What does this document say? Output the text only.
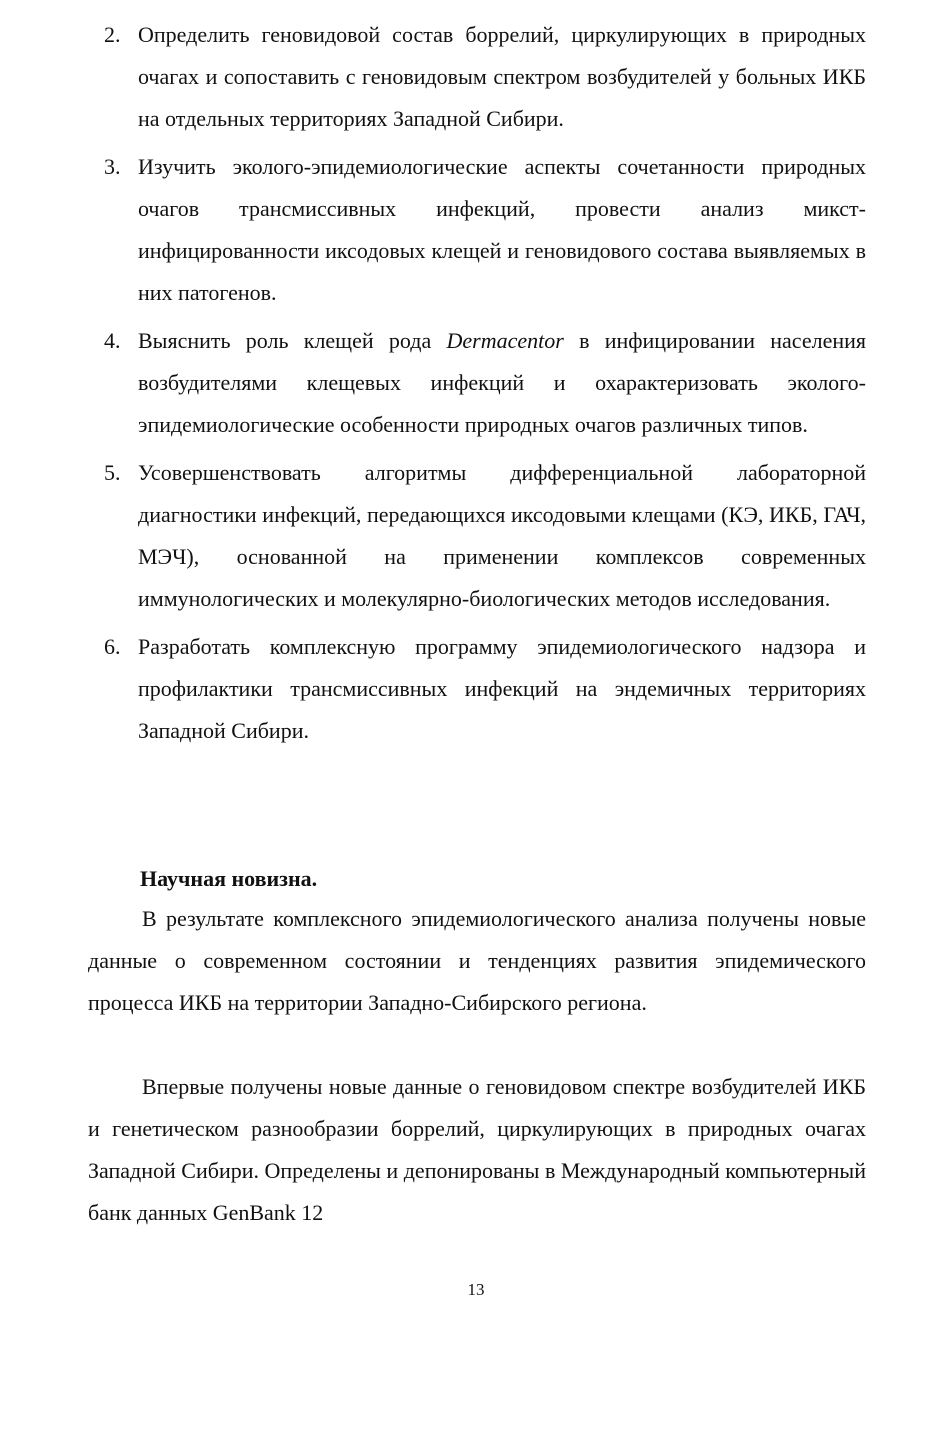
2. Определить геновидовой состав боррелий, циркулирующих в природных очагах и сопоставить с геновидовым спектром возбудителей у больных ИКБ на отдельных территориях Западной Сибири.
3. Изучить эколого-эпидемиологические аспекты сочетанности природных очагов трансмиссивных инфекций, провести анализ микст-инфицированности иксодовых клещей и геновидового состава выявляемых в них патогенов.
4. Выяснить роль клещей рода Dermacentor в инфицировании населения возбудителями клещевых инфекций и охарактеризовать эколого-эпидемиологические особенности природных очагов различных типов.
5. Усовершенствовать алгоритмы дифференциальной лабораторной диагностики инфекций, передающихся иксодовыми клещами (КЭ, ИКБ, ГАЧ, МЭЧ), основанной на применении комплексов современных иммунологических и молекулярно-биологических методов исследования.
6. Разработать комплексную программу эпидемиологического надзора и профилактики трансмиссивных инфекций на эндемичных территориях Западной Сибири.
Научная новизна.

В результате комплексного эпидемиологического анализа получены новые данные о современном состоянии и тенденциях развития эпидемического процесса ИКБ на территории Западно-Сибирского региона.

Впервые получены новые данные о геновидовом спектре возбудителей ИКБ и генетическом разнообразии боррелий, циркулирующих в природных очагах Западной Сибири. Определены и депонированы в Международный компьютерный банк данных GenBank 12

13
